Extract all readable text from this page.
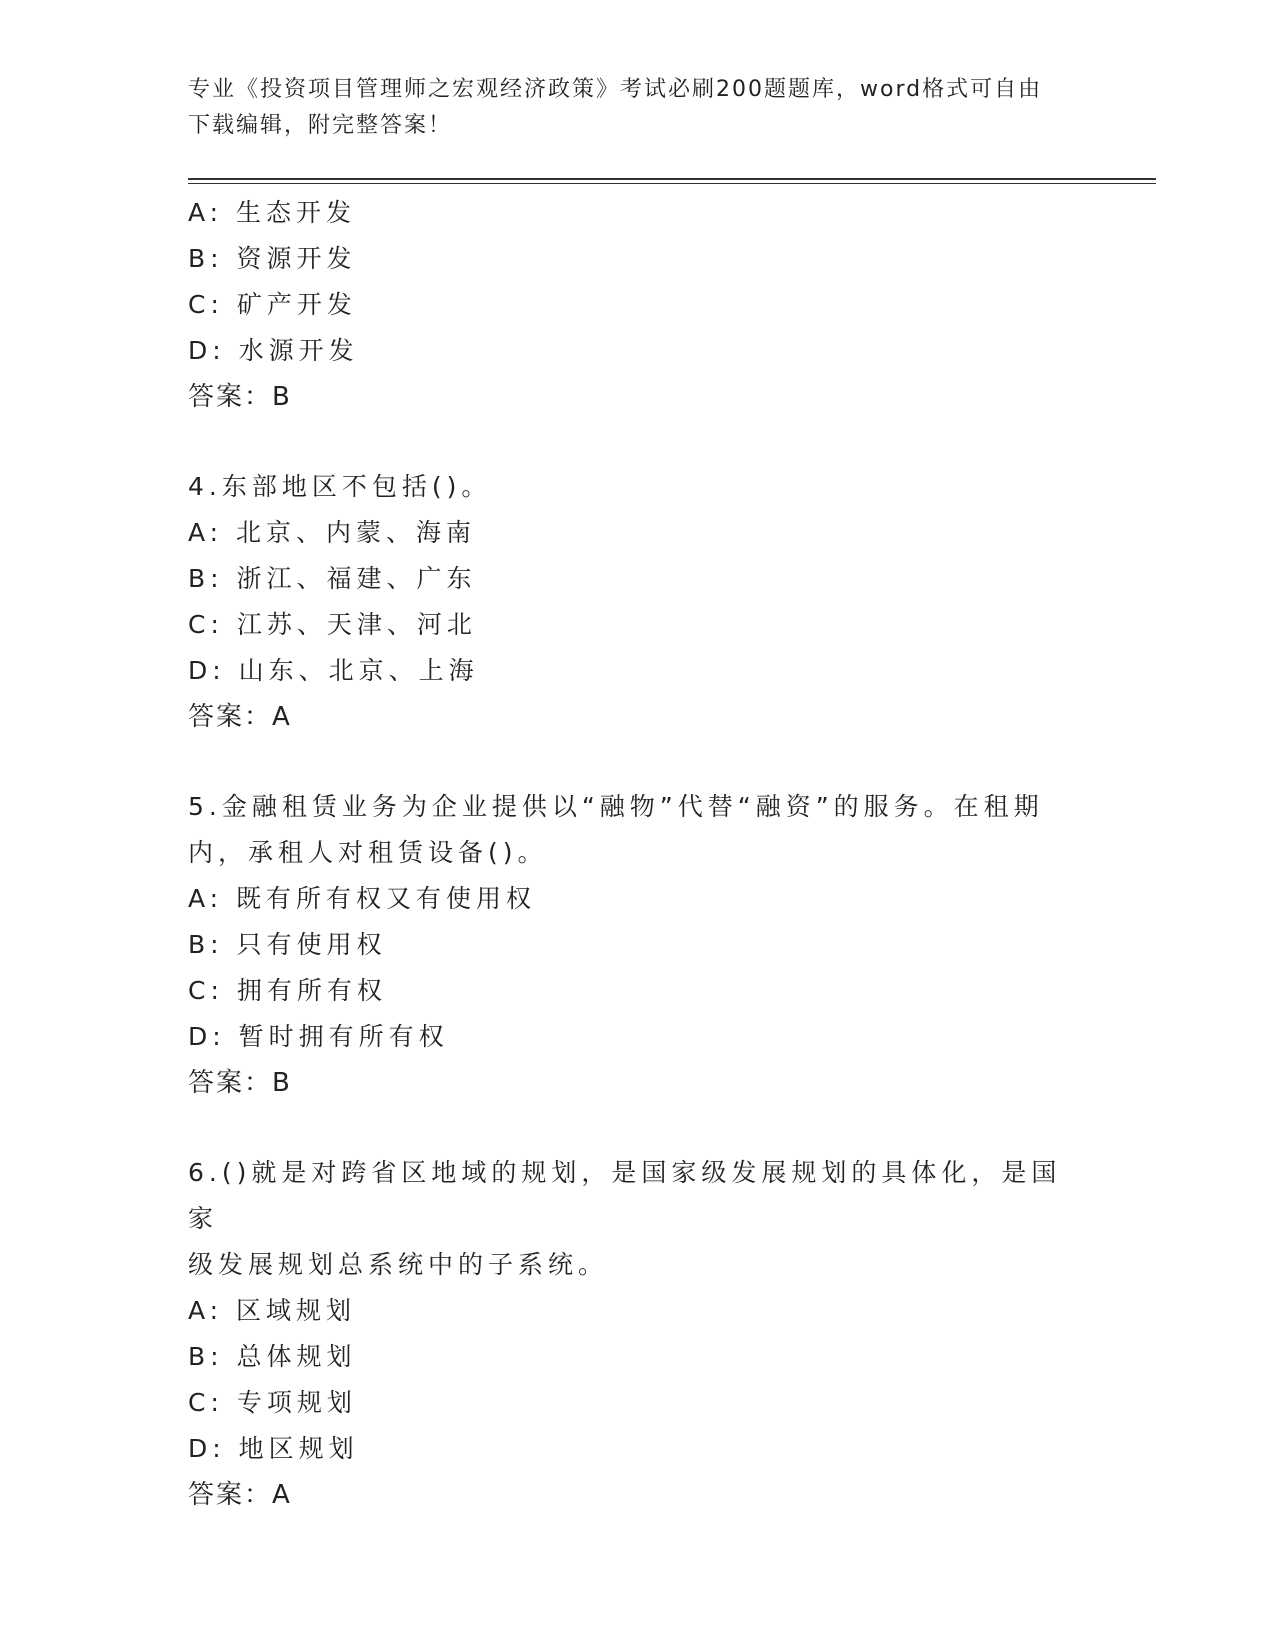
专业《投资项目管理师之宏观经济政策》考试必刷200题题库，word格式可自由
下载编辑，附完整答案！
A: 生态开发
B: 资源开发
C: 矿产开发
D: 水源开发
答案：B
4.东部地区不包括()。
A: 北京、内蒙、海南
B: 浙江、福建、广东
C: 江苏、天津、河北
D: 山东、北京、上海
答案：A
5.金融租赁业务为企业提供以“融物”代替“融资”的服务。在租期
内，承租人对租赁设备()。
A: 既有所有权又有使用权
B: 只有使用权
C: 拥有所有权
D: 暂时拥有所有权
答案：B
6.()就是对跨省区地域的规划，是国家级发展规划的具体化，是国家
级发展规划总系统中的子系统。
A: 区域规划
B: 总体规划
C: 专项规划
D: 地区规划
答案：A
